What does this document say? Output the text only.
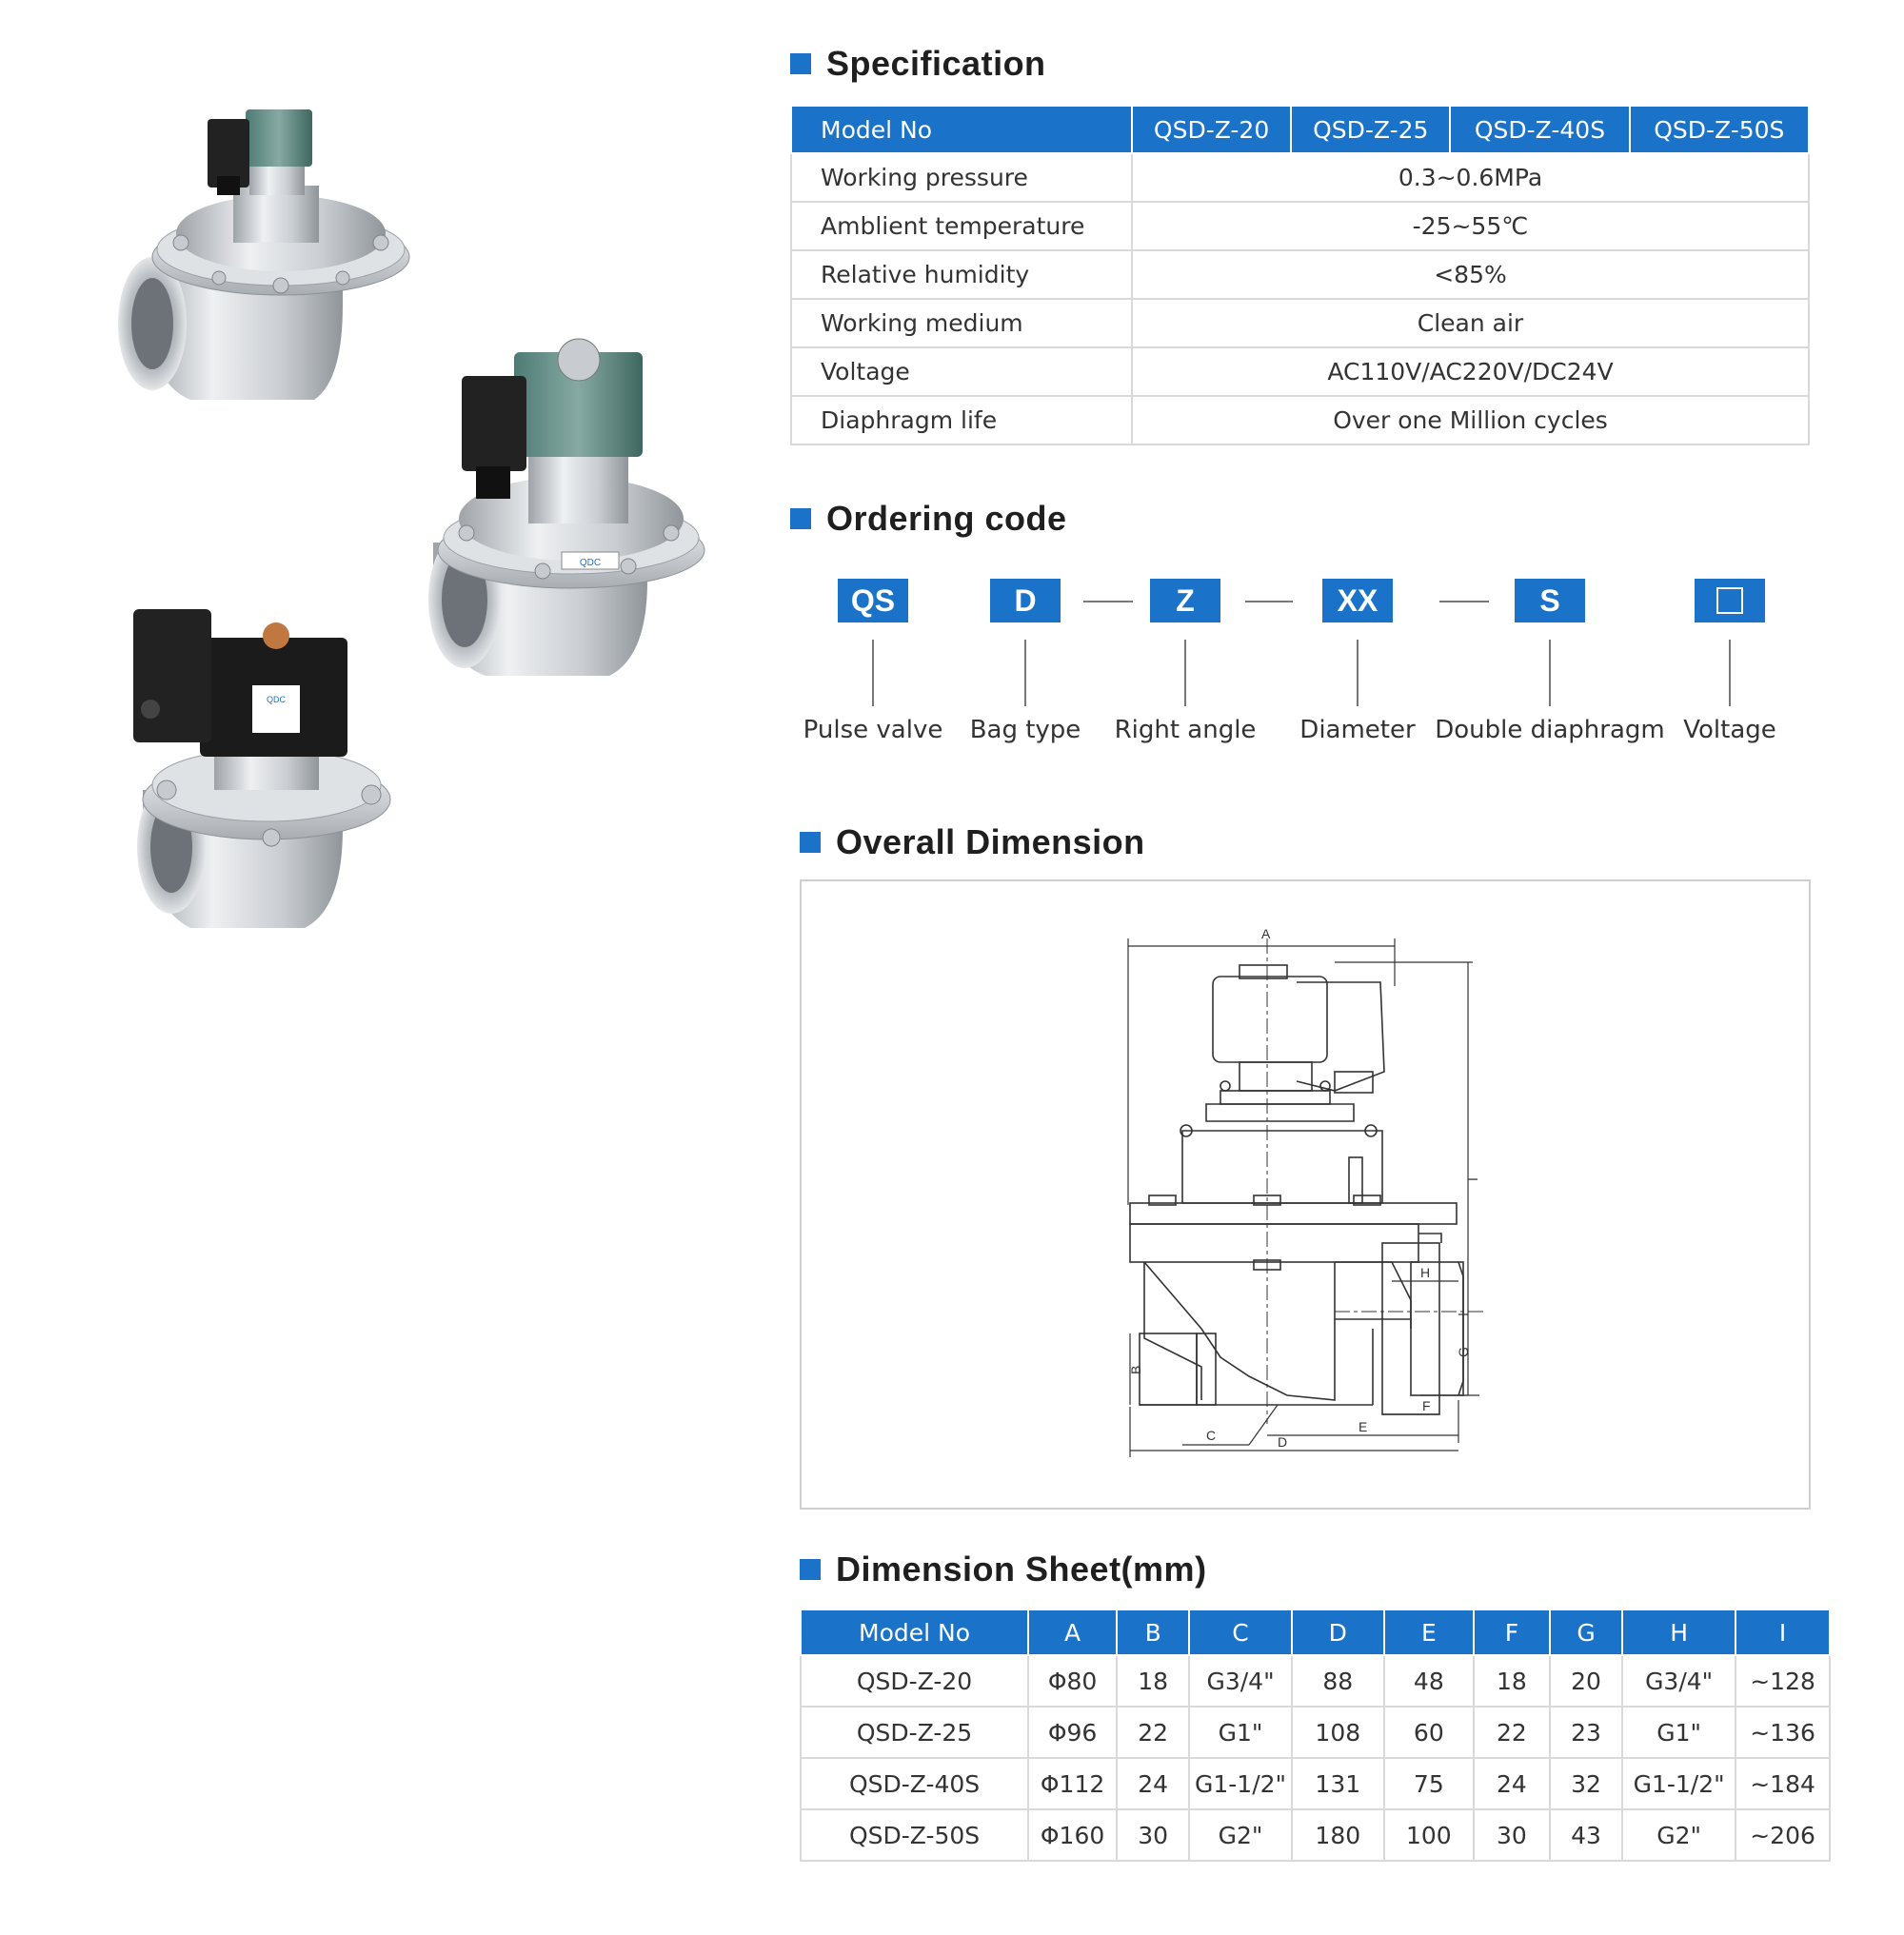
QDC
QDC
Specification
Model No	QSD-Z-20	QSD-Z-25	QSD-Z-40S	QSD-Z-50S
Working pressure	0.3~0.6MPa			
Amblient temperature	-25~55℃			
Relative humidity	<85%			
Working medium	Clean air			
Voltage	AC110V/AC220V/DC24V			
Diaphragm life	Over one Million cycles			
Ordering code
QS	D	Z	XX	S
Pulse valve Bag type Right angle Diameter Double diaphragm Voltage
Overall Dimension
A
I
H
G
B
F
E
C	D
Dimension Sheet(mm)
Model No	A	B	C	D	E	F	G	H	I
QSD-Z-20	Φ80	18	G3/4"	88	48	18	20	G3/4"	~128
QSD-Z-25	Φ96	22	G1"	108	60	22	23	G1"	~136
QSD-Z-40S	Φ112	24	G1-1/2"	131	75	24	32	G1-1/2"	~184
QSD-Z-50S	Φ160	30	G2"	180	100	30	43	G2"	~206
